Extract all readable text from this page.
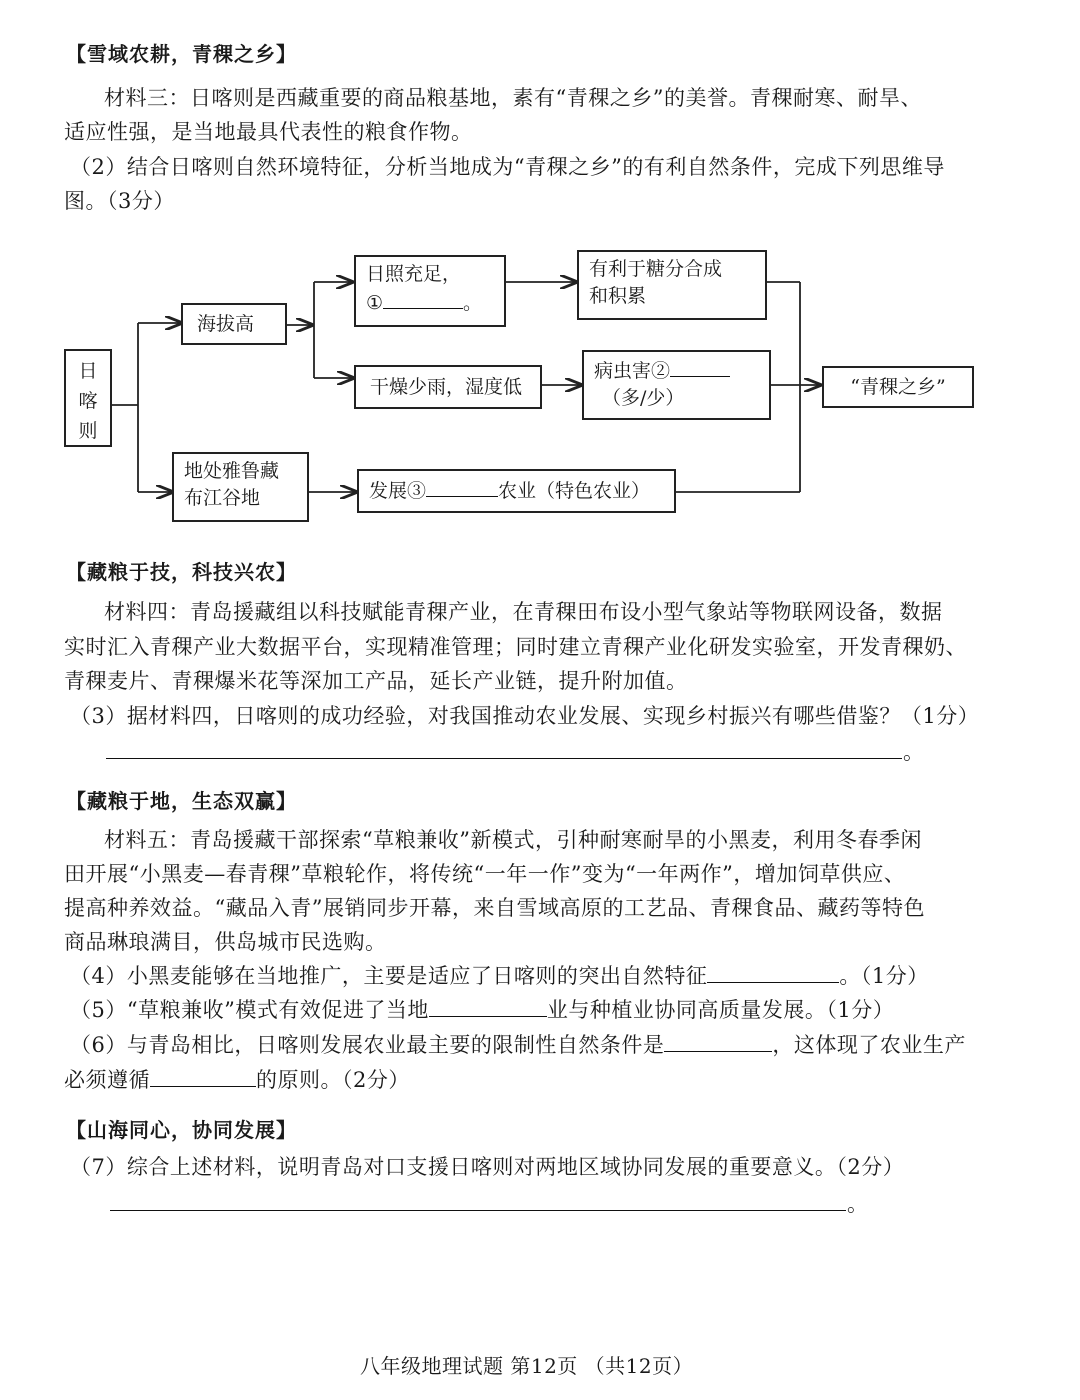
【雪域农耕，青稞之乡】
材料三：日喀则是西藏重要的商品粮基地，素有“青稞之乡”的美誉。青稞耐寒、耐旱、
适应性强，是当地最具代表性的粮食作物。
（2）结合日喀则自然环境特征，分析当地成为“青稞之乡”的有利自然条件，完成下列思维导
图。（3分）
日
喀
则
海拔高
日照充足，
①	。
有利于糖分合成
和积累
干燥少雨，湿度低
病虫害②
（多/少）
地处雅鲁藏
布江谷地	发展③	农业（特色农业）
“青稞之乡”
【藏粮于技，科技兴农】
材料四：青岛援藏组以科技赋能青稞产业，在青稞田布设小型气象站等物联网设备，数据
实时汇入青稞产业大数据平台，实现精准管理；同时建立青稞产业化研发实验室，开发青稞奶、
青稞麦片、青稞爆米花等深加工产品，延长产业链，提升附加值。
（3）据材料四，日喀则的成功经验，对我国推动农业发展、实现乡村振兴有哪些借鉴？（1分）
。
【藏粮于地，生态双赢】
材料五：青岛援藏干部探索“草粮兼收”新模式，引种耐寒耐旱的小黑麦，利用冬春季闲
田开展“小黑麦—春青稞”草粮轮作，将传统“一年一作”变为“一年两作”，增加饲草供应、
提高种养效益。“藏品入青”展销同步开幕，来自雪域高原的工艺品、青稞食品、藏药等特色
商品琳琅满目，供岛城市民选购。
（4）小黑麦能够在当地推广，主要是适应了日喀则的突出自然特征	。（1分）
（5）“草粮兼收”模式有效促进了当地	业与种植业协同高质量发展。（1分）
（6）与青岛相比，日喀则发展农业最主要的限制性自然条件是	，这体现了农业生产
必须遵循	的原则。（2分）
【山海同心，协同发展】
（7）综合上述材料，说明青岛对口支援日喀则对两地区域协同发展的重要意义。（2分）
。
八年级地理试题 第12页 （共12页）
